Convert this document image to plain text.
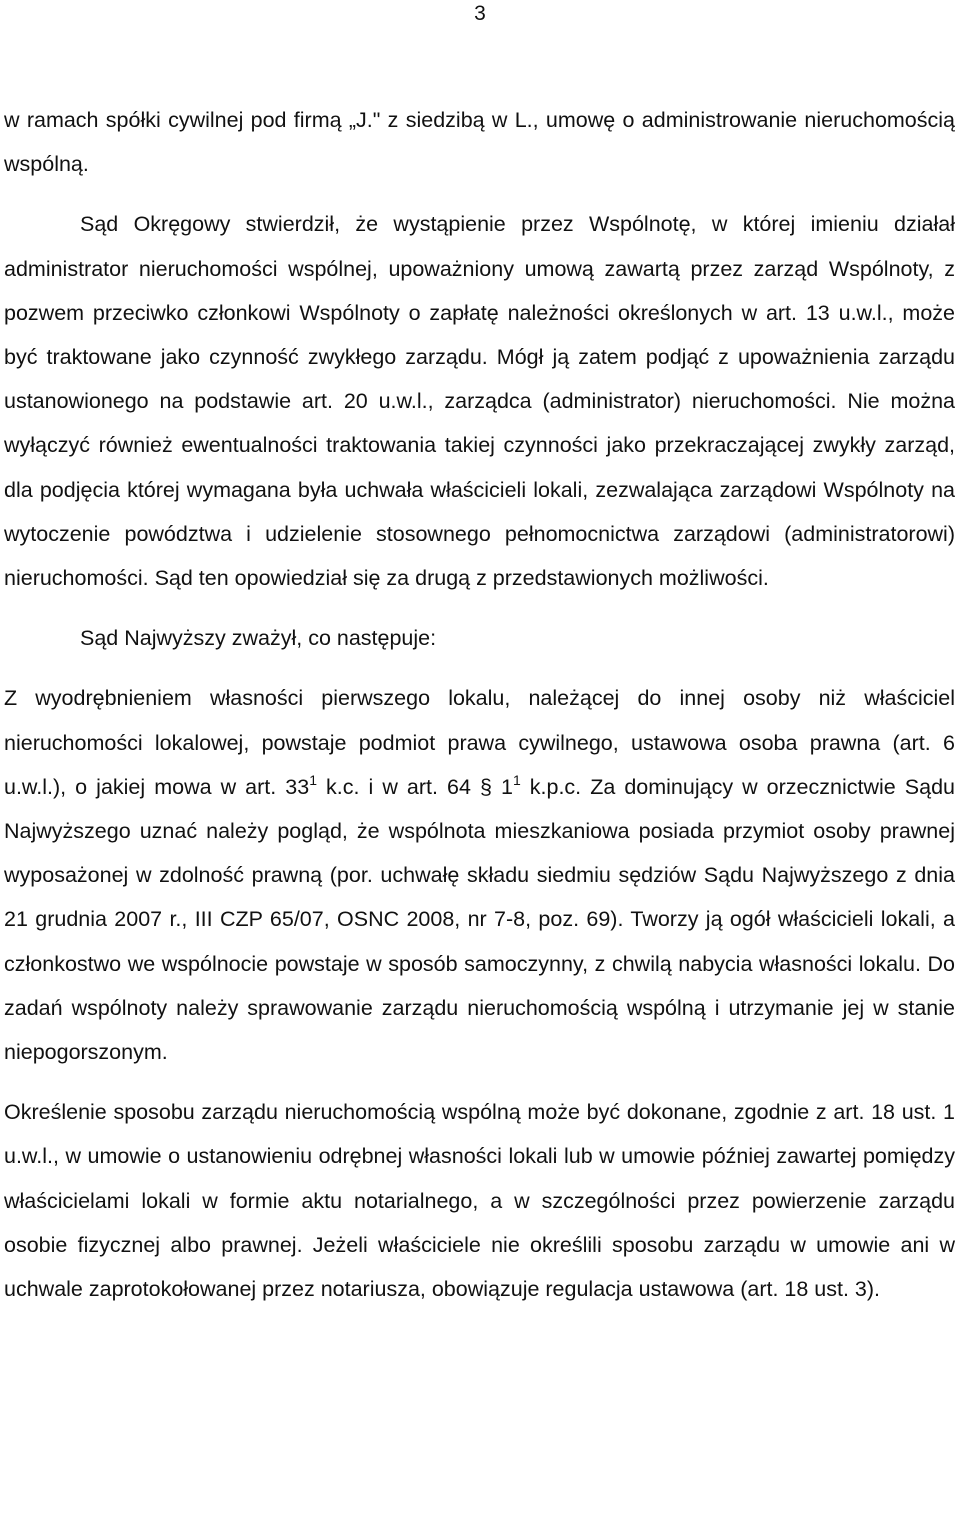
3

w ramach spółki cywilnej pod firmą „J." z siedzibą w L., umowę o administrowanie nieruchomością wspólną.

Sąd Okręgowy stwierdził, że wystąpienie przez Wspólnotę, w której imieniu działał administrator nieruchomości wspólnej, upoważniony umową zawartą przez zarząd Wspólnoty, z pozwem przeciwko członkowi Wspólnoty o zapłatę należności określonych w art. 13 u.w.l., może być traktowane jako czynność zwykłego zarządu. Mógł ją zatem podjąć z upoważnienia zarządu ustanowionego na podstawie art. 20 u.w.l., zarządca (administrator) nieruchomości. Nie można wyłączyć również ewentualności traktowania takiej czynności jako przekraczającej zwykły zarząd, dla podjęcia której wymagana była uchwała właścicieli lokali, zezwalająca zarządowi Wspólnoty na wytoczenie powództwa i udzielenie stosownego pełnomocnictwa zarządowi (administratorowi) nieruchomości. Sąd ten opowiedział się za drugą z przedstawionych możliwości.

Sąd Najwyższy zważył, co następuje:

Z wyodrębnieniem własności pierwszego lokalu, należącej do innej osoby niż właściciel nieruchomości lokalowej, powstaje podmiot prawa cywilnego, ustawowa osoba prawna (art. 6 u.w.l.), o jakiej mowa w art. $33^1$ k.c. i w art. 64 § $1^1$ k.p.c. Za dominujący w orzecznictwie Sądu Najwyższego uznać należy pogląd, że wspólnota mieszkaniowa posiada przymiot osoby prawnej wyposażonej w zdolność prawną (por. uchwałę składu siedmiu sędziów Sądu Najwyższego z dnia 21 grudnia 2007 r., III CZP 65/07, OSNC 2008, nr 7-8, poz. 69). Tworzy ją ogół właścicieli lokali, a członkostwo we wspólnocie powstaje w sposób samoczynny, z chwilą nabycia własności lokalu. Do zadań wspólnoty należy sprawowanie zarządu nieruchomością wspólną i utrzymanie jej w stanie niepogorszonym.

Określenie sposobu zarządu nieruchomością wspólną może być dokonane, zgodnie z art. 18 ust. 1 u.w.l., w umowie o ustanowieniu odrębnej własności lokali lub w umowie później zawartej pomiędzy właścicielami lokali w formie aktu notarialnego, a w szczególności przez powierzenie zarządu osobie fizycznej albo prawnej. Jeżeli właściciele nie określili sposobu zarządu w umowie ani w uchwale zaprotokołowanej przez notariusza, obowiązuje regulacja ustawowa (art. 18 ust. 3).
